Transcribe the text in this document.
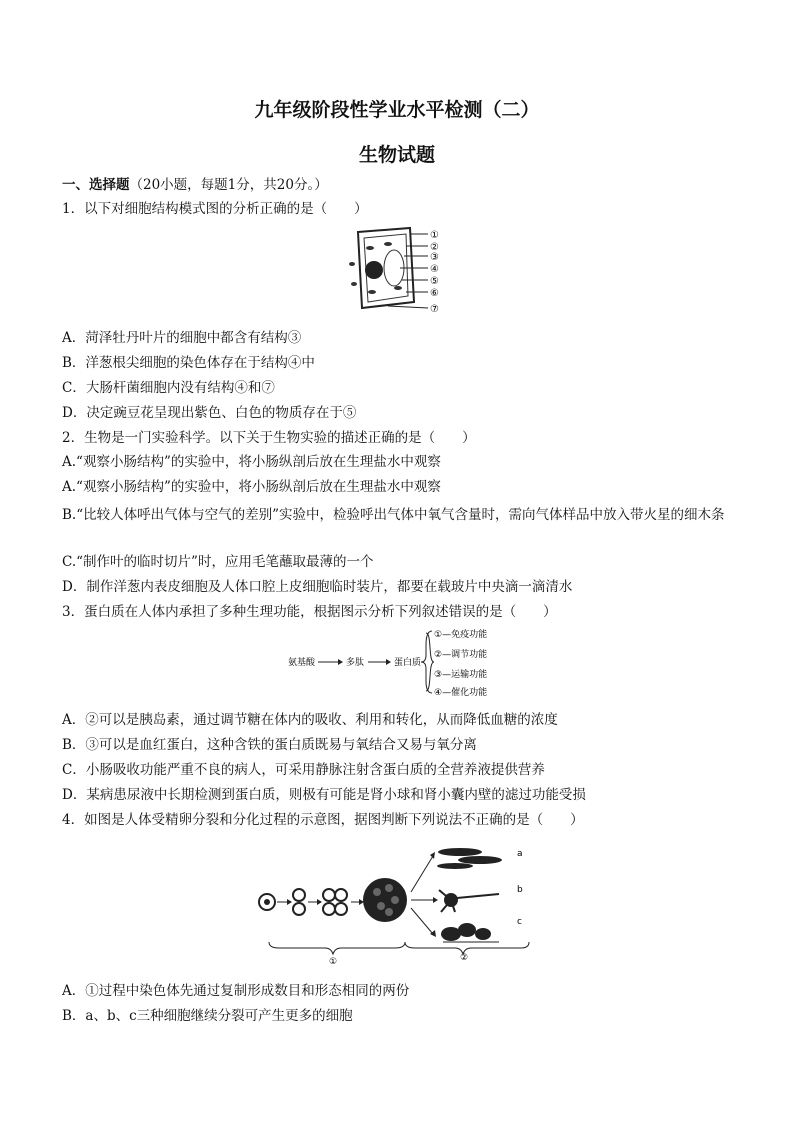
九年级阶段性学业水平检测（二）
生物试题
一、选择题（20小题，每题1分，共20分。）
1．以下对细胞结构模式图的分析正确的是（　　）
①
②
③
④
⑤
⑥
⑦
A．菏泽牡丹叶片的细胞中都含有结构③
B．洋葱根尖细胞的染色体存在于结构④中
C．大肠杆菌细胞内没有结构④和⑦
D．决定豌豆花呈现出紫色、白色的物质存在于⑤
2．生物是一门实验科学。以下关于生物实验的描述正确的是（　　）
A.“观察小肠结构”的实验中，将小肠纵剖后放在生理盐水中观察
A.“观察小肠结构”的实验中，将小肠纵剖后放在生理盐水中观察
B.“比较人体呼出气体与空气的差别”实验中，检验呼出气体中氧气含量时，需向气体样品中放入带火星的细木条
C.“制作叶的临时切片”时，应用毛笔蘸取最薄的一个
D．制作洋葱内表皮细胞及人体口腔上皮细胞临时装片，都要在载玻片中央滴一滴清水
3．蛋白质在人体内承担了多种生理功能，根据图示分析下列叙述错误的是（　　）
氨基酸	多肽	蛋白质
①—免疫功能
②—调节功能
③—运输功能
④—催化功能
A．②可以是胰岛素，通过调节糖在体内的吸收、利用和转化，从而降低血糖的浓度
B．③可以是血红蛋白，这种含铁的蛋白质既易与氧结合又易与氧分离
C．小肠吸收功能严重不良的病人，可采用静脉注射含蛋白质的全营养液提供营养
D．某病患尿液中长期检测到蛋白质，则极有可能是肾小球和肾小囊内壁的滤过功能受损
4．如图是人体受精卵分裂和分化过程的示意图，据图判断下列说法不正确的是（　　）
a
b
c
①	②
A．①过程中染色体先通过复制形成数目和形态相同的两份
B．a、b、c三种细胞继续分裂可产生更多的细胞
